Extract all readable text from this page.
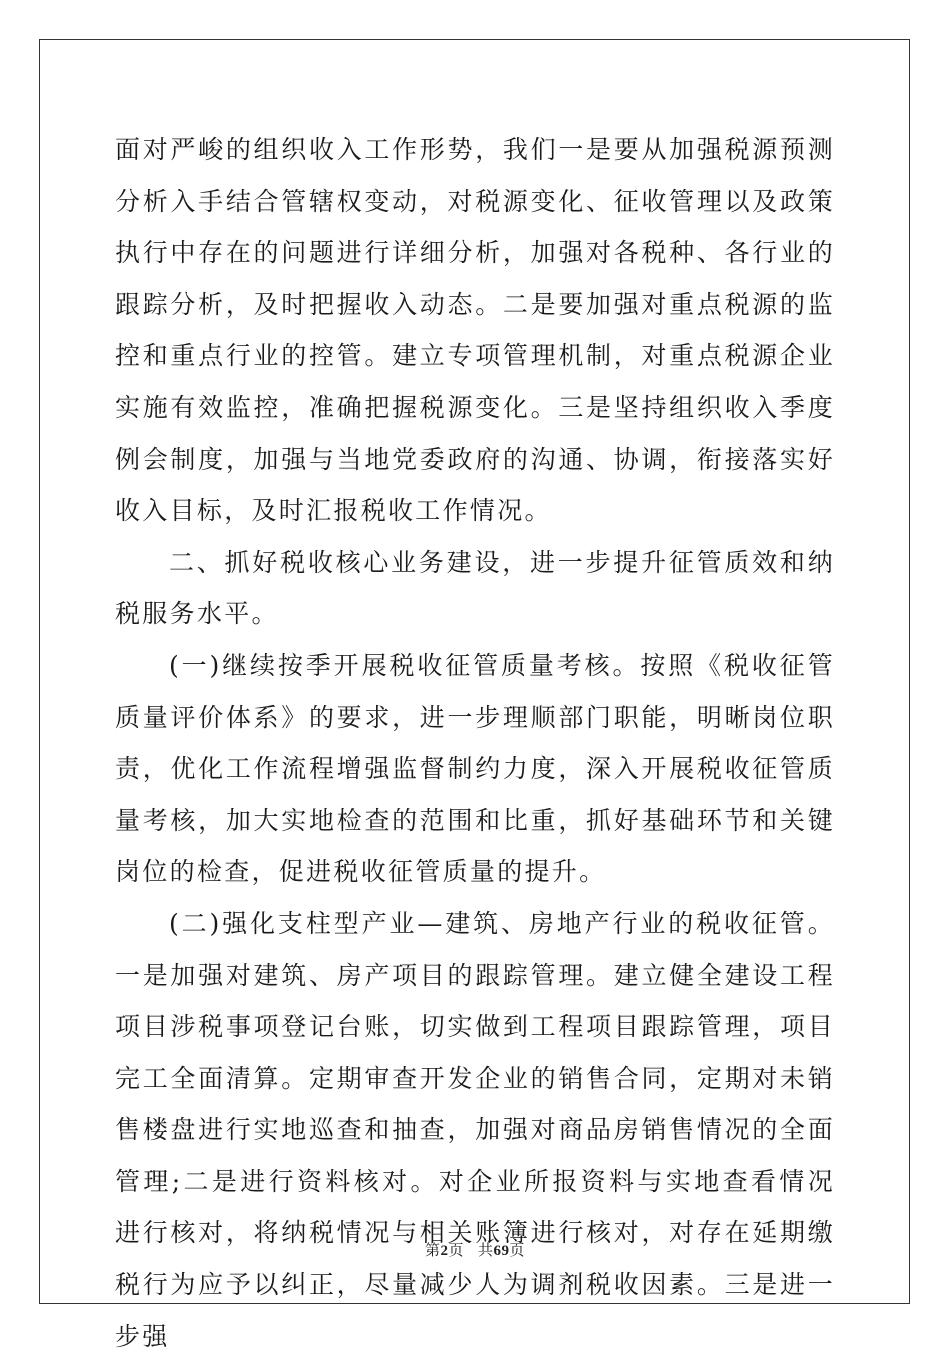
面对严峻的组织收入工作形势，我们一是要从加强税源预测分析入手结合管辖权变动，对税源变化、征收管理以及政策执行中存在的问题进行详细分析，加强对各税种、各行业的跟踪分析，及时把握收入动态。二是要加强对重点税源的监控和重点行业的控管。建立专项管理机制，对重点税源企业实施有效监控，准确把握税源变化。三是坚持组织收入季度例会制度，加强与当地党委政府的沟通、协调，衔接落实好收入目标，及时汇报税收工作情况。

二、抓好税收核心业务建设，进一步提升征管质效和纳税服务水平。

(一)继续按季开展税收征管质量考核。按照《税收征管质量评价体系》的要求，进一步理顺部门职能，明晰岗位职责，优化工作流程增强监督制约力度，深入开展税收征管质量考核，加大实地检查的范围和比重，抓好基础环节和关键岗位的检查，促进税收征管质量的提升。

(二)强化支柱型产业—建筑、房地产行业的税收征管。一是加强对建筑、房产项目的跟踪管理。建立健全建设工程项目涉税事项登记台账，切实做到工程项目跟踪管理，项目完工全面清算。定期审查开发企业的销售合同，定期对未销售楼盘进行实地巡查和抽查，加强对商品房销售情况的全面管理;二是进行资料核对。对企业所报资料与实地查看情况进行核对，将纳税情况与相关账簿进行核对，对存在延期缴税行为应予以纠正，尽量减少人为调剂税收因素。三是进一步强

第2页 共69页
